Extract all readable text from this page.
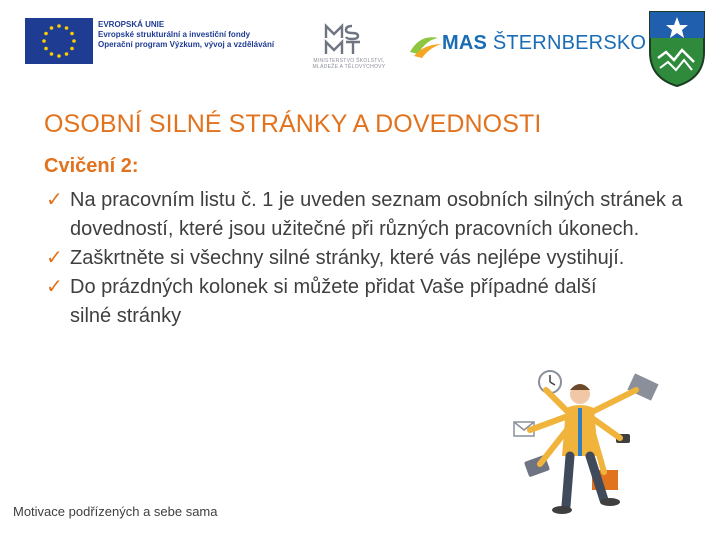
EVROPSKÁ UNIE
Evropské strukturální a investiční fondy
Operační program Výzkum, vývoj a vzdělávání
MINISTERSTVO ŠKOLSTVÍ,
MLÁDEŽE A TĚLOVÝCHOVY
MAS ŠTERNBERSKO
OSOBNÍ SILNÉ STRÁNKY A DOVEDNOSTI
Cvičení 2:
✓ Na pracovním listu č. 1 je uveden seznam osobních silných stránek a dovedností, které jsou užitečné při různých pracovních úkonech.
✓ Zaškrtněte si všechny silné stránky, které vás nejlépe vystihují.
✓ Do prázdných kolonek si můžete přidat Vaše případné další silné stránky
Motivace podřízených a sebe sama
